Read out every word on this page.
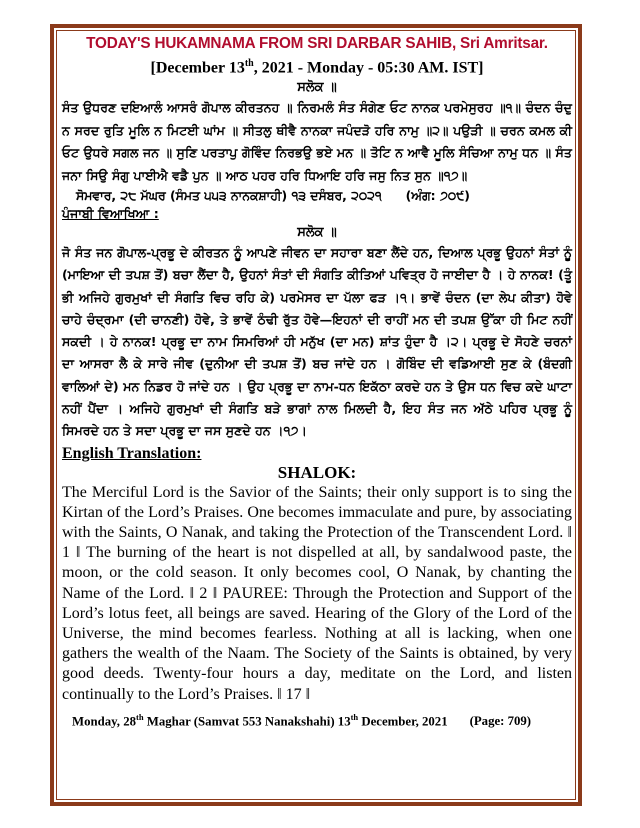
TODAY'S HUKAMNAMA FROM SRI DARBAR SAHIB, Sri Amritsar.
[December 13th, 2021 - Monday - 05:30 AM. IST]
ਸਲੋਕ ॥
ਸੰਤ ਉਧਰਣ ਦਇਆਲੰ ਆਸਰੰ ਗੋਪਾਲ ਕੀਰਤਨਹ ॥ ਨਿਰਮਲੰ ਸੰਤ ਸੰਗੇਣ ਓਟ ਨਾਨਕ ਪਰਮੇਸੁਰਹ ॥੧॥ ਚੰਦਨ ਚੰਦੁ ਨ ਸਰਦ ਰੁਤਿ ਮੂਲਿ ਨ ਮਿਟਈ ਘਾਂਮ ॥ ਸੀਤਲੁ ਥੀਵੈ ਨਾਨਕਾ ਜਪੰਦੜੋ ਹਰਿ ਨਾਮੁ ॥੨॥ ਪਉੜੀ ॥ ਚਰਨ ਕਮਲ ਕੀ ਓਟ ਉਧਰੇ ਸਗਲ ਜਨ ॥ ਸੁਣਿ ਪਰਤਾਪੁ ਗੋਵਿੰਦ ਨਿਰਭਉ ਭਏ ਮਨ ॥ ਤੋਟਿ ਨ ਆਵੈ ਮੂਲਿ ਸੰਚਿਆ ਨਾਮੁ ਧਨ ॥ ਸੰਤ ਜਨਾ ਸਿਉ ਸੰਗੁ ਪਾਈਐ ਵਡੈ ਪੁਨ ॥ ਆਠ ਪਹਰ ਹਰਿ ਧਿਆਇ ਹਰਿ ਜਸੁ ਨਿਤ ਸੁਨ ॥੧੭॥
ਸੋਮਵਾਰ, ੨੮ ਮੱਘਰ (ਸੰਮਤ ੫੫੩ ਨਾਨਕਸ਼ਾਹੀ) ੧੩ ਦਸੰਬਰ, ੨੦੨੧ (ਅੰਗ: ੭੦੯)
ਪੰਜਾਬੀ ਵਿਆਖਿਆ :
ਸਲੋਕ ॥
ਜੋ ਸੰਤ ਜਨ ਗੋਪਾਲ-ਪ੍ਰਭੂ ਦੇ ਕੀਰਤਨ ਨੂੰ ਆਪਣੇ ਜੀਵਨ ਦਾ ਸਹਾਰਾ ਬਣਾ ਲੈਂਦੇ ਹਨ, ਦਿਆਲ ਪ੍ਰਭੂ ਉਹਨਾਂ ਸੰਤਾਂ ਨੂੰ (ਮਾਇਆ ਦੀ ਤਪਸ਼ ਤੋਂ) ਬਚਾ ਲੈਂਦਾ ਹੈ, ਉਹਨਾਂ ਸੰਤਾਂ ਦੀ ਸੰਗਤਿ ਕੀਤਿਆਂ ਪਵਿਤ੍ਰ ਹੋ ਜਾਈਦਾ ਹੈ । ਹੇ ਨਾਨਕ! (ਤੂੰ ਭੀ ਅਜਿਹੇ ਗੁਰਮੁਖਾਂ ਦੀ ਸੰਗਤਿ ਵਿਚ ਰਹਿ ਕੇ) ਪਰਮੇਸਰ ਦਾ ਪੱਲਾ ਫੜ ।੧। ਭਾਵੇਂ ਚੰਦਨ (ਦਾ ਲੇਪ ਕੀਤਾ) ਹੋਵੇ ਚਾਹੇ ਚੰਦ੍ਰਮਾ (ਦੀ ਚਾਨਣੀ) ਹੋਵੇ, ਤੇ ਭਾਵੇਂ ਠੰਢੀ ਰੁੱਤ ਹੋਵੇ—ਇਹਨਾਂ ਦੀ ਰਾਹੀਂ ਮਨ ਦੀ ਤਪਸ਼ ਉੱਕਾ ਹੀ ਮਿਟ ਨਹੀਂ ਸਕਦੀ । ਹੇ ਨਾਨਕ! ਪ੍ਰਭੂ ਦਾ ਨਾਮ ਸਿਮਰਿਆਂ ਹੀ ਮਨੁੱਖ (ਦਾ ਮਨ) ਸ਼ਾਂਤ ਹੁੰਦਾ ਹੈ ।੨। ਪ੍ਰਭੂ ਦੇ ਸੋਹਣੇ ਚਰਨਾਂ ਦਾ ਆਸਰਾ ਲੈ ਕੇ ਸਾਰੇ ਜੀਵ (ਦੁਨੀਆ ਦੀ ਤਪਸ਼ ਤੋਂ) ਬਚ ਜਾਂਦੇ ਹਨ । ਗੋਬਿੰਦ ਦੀ ਵਡਿਆਈ ਸੁਣ ਕੇ (ਬੰਦਗੀ ਵਾਲਿਆਂ ਦੇ) ਮਨ ਨਿਡਰ ਹੋ ਜਾਂਦੇ ਹਨ । ਉਹ ਪ੍ਰਭੂ ਦਾ ਨਾਮ-ਧਨ ਇਕੱਠਾ ਕਰਦੇ ਹਨ ਤੇ ਉਸ ਧਨ ਵਿਚ ਕਦੇ ਘਾਟਾ ਨਹੀਂ ਪੈਂਦਾ । ਅਜਿਹੇ ਗੁਰਮੁਖਾਂ ਦੀ ਸੰਗਤਿ ਬੜੇ ਭਾਗਾਂ ਨਾਲ ਮਿਲਦੀ ਹੈ, ਇਹ ਸੰਤ ਜਨ ਅੱਠੇ ਪਹਿਰ ਪ੍ਰਭੂ ਨੂੰ ਸਿਮਰਦੇ ਹਨ ਤੇ ਸਦਾ ਪ੍ਰਭੂ ਦਾ ਜਸ ਸੁਣਦੇ ਹਨ ।੧੭।
English Translation:
SHALOK:
The Merciful Lord is the Savior of the Saints; their only support is to sing the Kirtan of the Lord’s Praises. One becomes immaculate and pure, by associating with the Saints, O Nanak, and taking the Protection of the Transcendent Lord. ‖ 1 ‖ The burning of the heart is not dispelled at all, by sandalwood paste, the moon, or the cold season. It only becomes cool, O Nanak, by chanting the Name of the Lord. ‖ 2 ‖ PAUREE: Through the Protection and Support of the Lord’s lotus feet, all beings are saved. Hearing of the Glory of the Lord of the Universe, the mind becomes fearless. Nothing at all is lacking, when one gathers the wealth of the Naam. The Society of the Saints is obtained, by very good deeds. Twenty-four hours a day, meditate on the Lord, and listen continually to the Lord’s Praises. ‖ 17 ‖
Monday, 28th Maghar (Samvat 553 Nanakshahi) 13th December, 2021 (Page: 709)
